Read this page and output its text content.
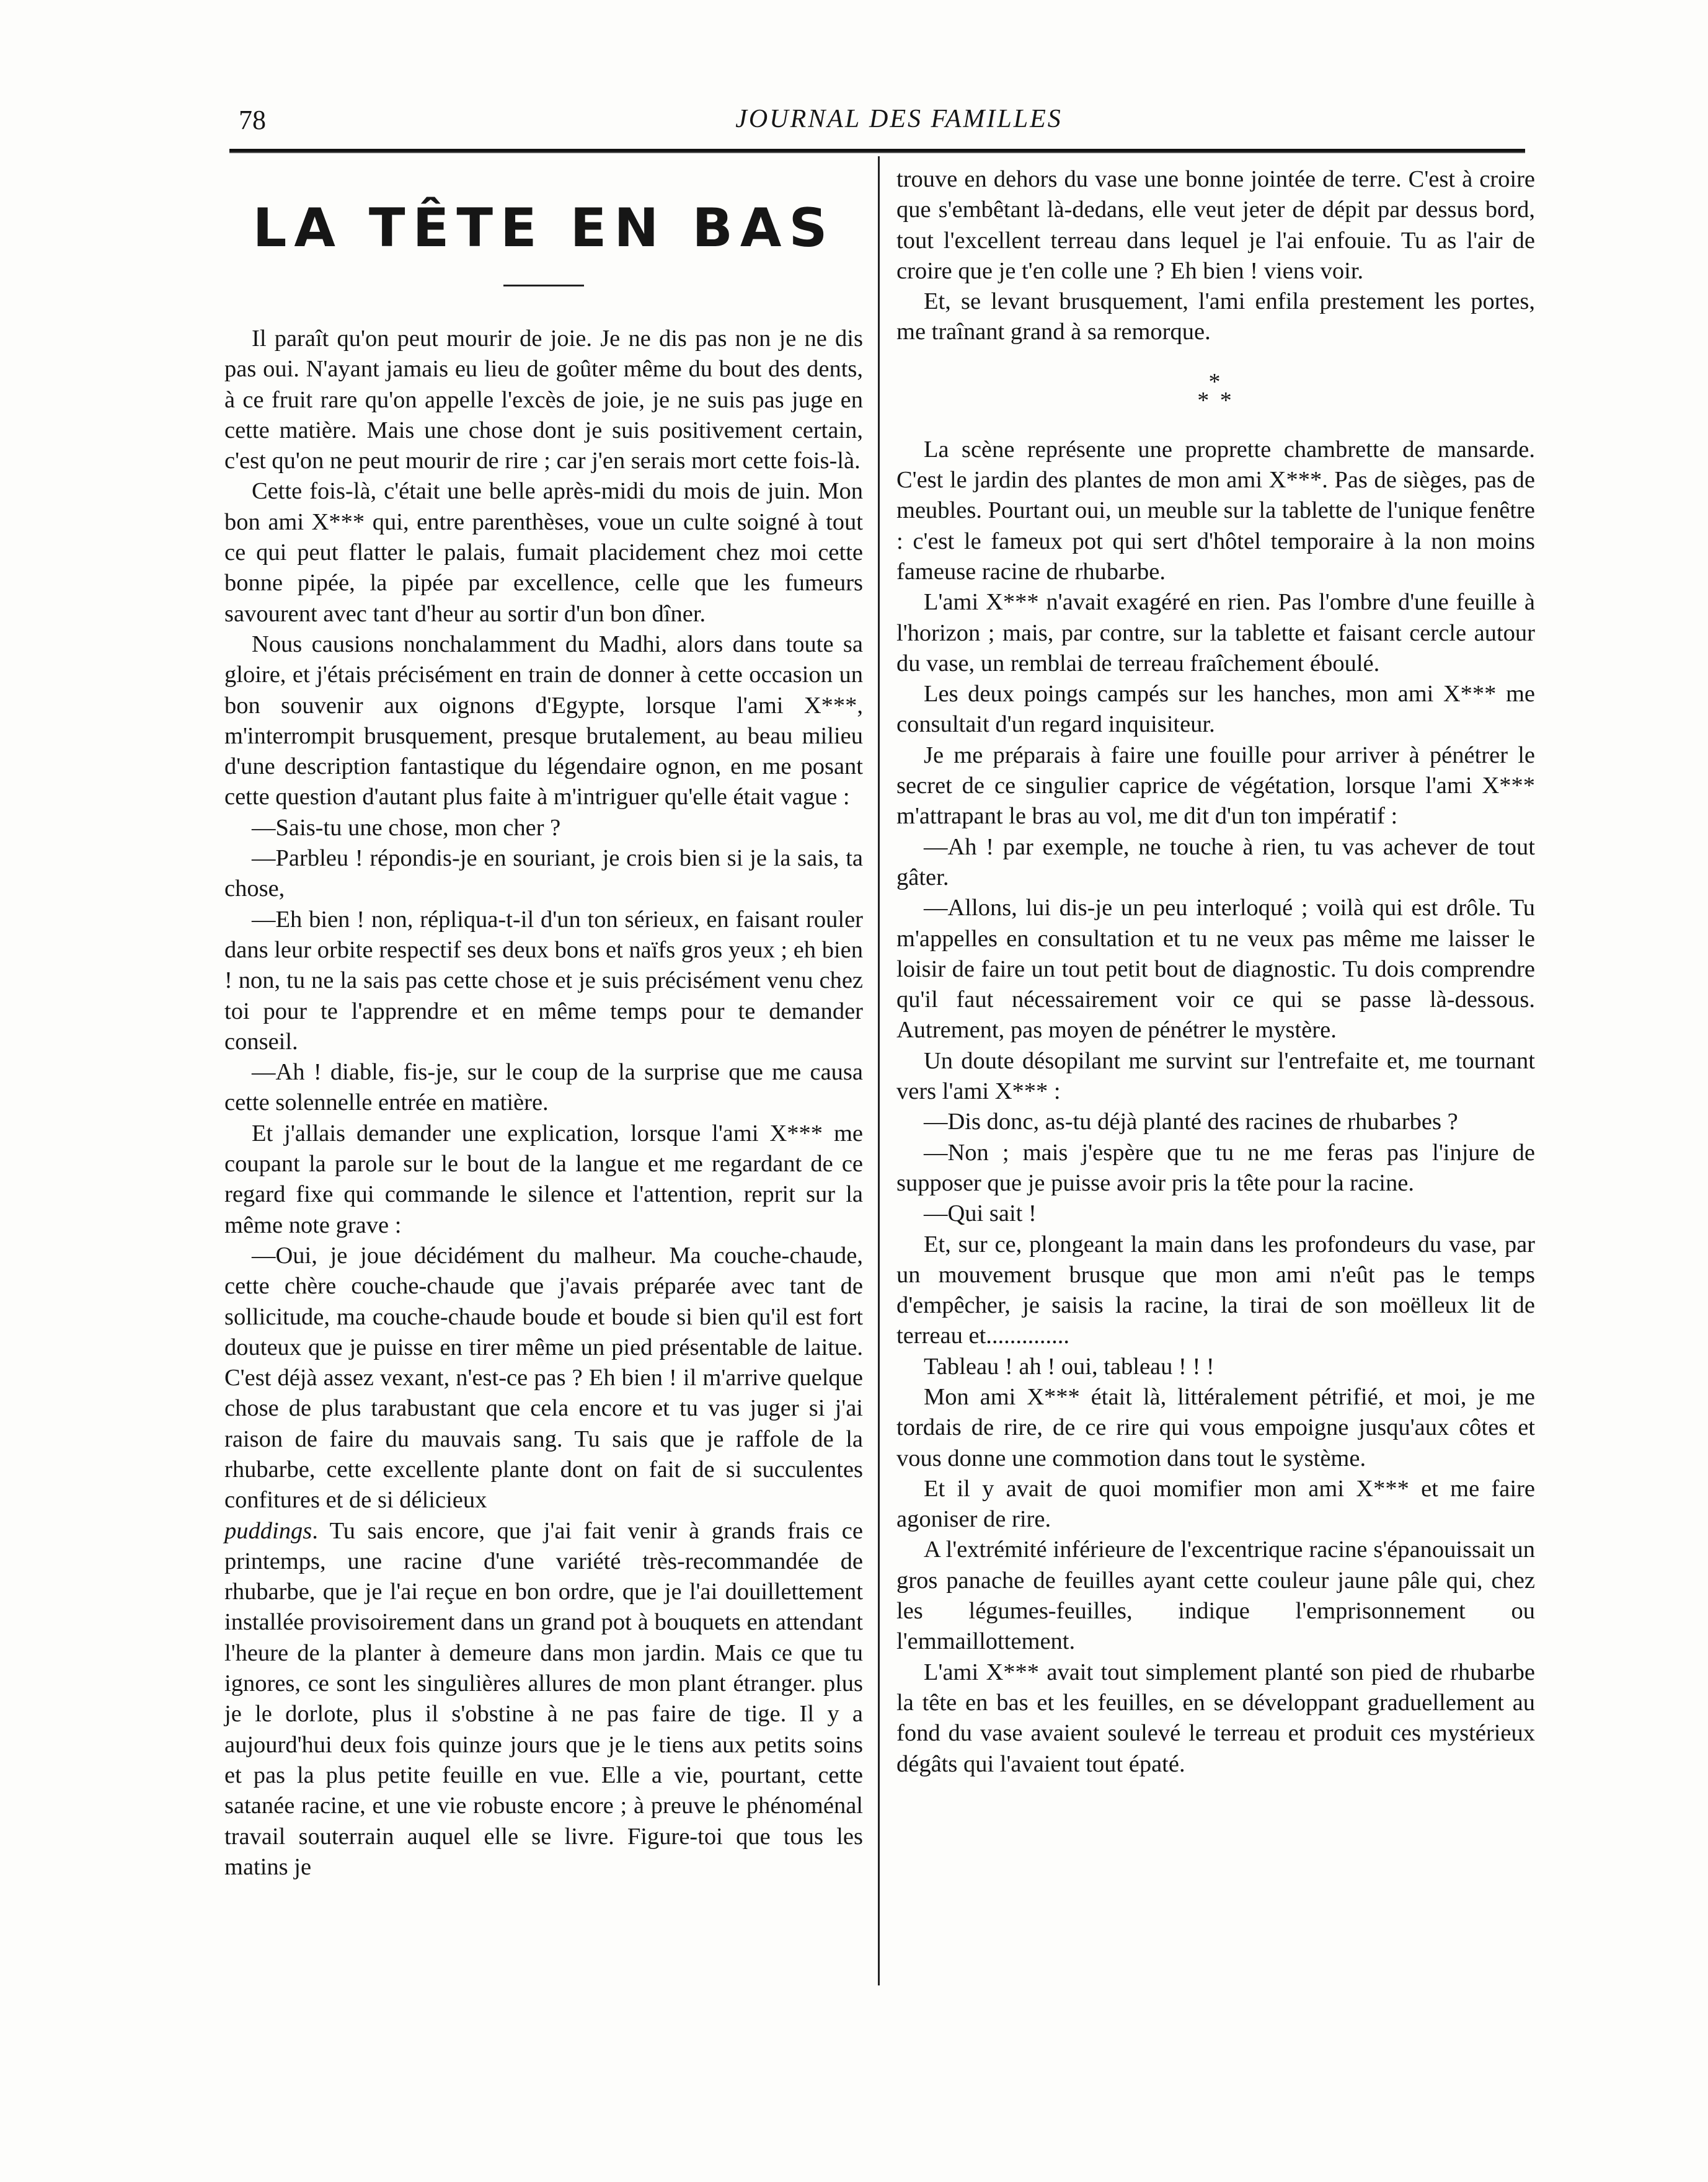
78	JOURNAL DES FAMILLES
LA TÊTE EN BAS

Il paraît qu'on peut mourir de joie. Je ne dis pas non je ne dis pas oui. N'ayant jamais eu lieu de goûter même du bout des dents, à ce fruit rare qu'on appelle l'excès de joie, je ne suis pas juge en cette matière. Mais une chose dont je suis positivement certain, c'est qu'on ne peut mourir de rire ; car j'en serais mort cette fois-là.

Cette fois-là, c'était une belle après-midi du mois de juin. Mon bon ami X*** qui, entre parenthèses, voue un culte soigné à tout ce qui peut flatter le palais, fumait placidement chez moi cette bonne pipée, la pipée par excellence, celle que les fumeurs savourent avec tant d'heur au sortir d'un bon dîner.

Nous causions nonchalamment du Madhi, alors dans toute sa gloire, et j'étais précisément en train de donner à cette occasion un bon souvenir aux oignons d'Egypte, lorsque l'ami X***, m'interrompit brusquement, presque brutalement, au beau milieu d'une description fantastique du légendaire ognon, en me posant cette question d'autant plus faite à m'intriguer qu'elle était vague :

—Sais-tu une chose, mon cher ?

—Parbleu ! répondis-je en souriant, je crois bien si je la sais, ta chose,

—Eh bien ! non, répliqua-t-il d'un ton sérieux, en faisant rouler dans leur orbite respectif ses deux bons et naïfs gros yeux ; eh bien ! non, tu ne la sais pas cette chose et je suis précisément venu chez toi pour te l'apprendre et en même temps pour te demander conseil.

—Ah ! diable, fis-je, sur le coup de la surprise que me causa cette solennelle entrée en matière.

Et j'allais demander une explication, lorsque l'ami X*** me coupant la parole sur le bout de la langue et me regardant de ce regard fixe qui commande le silence et l'attention, reprit sur la même note grave :

—Oui, je joue décidément du malheur. Ma couche-chaude, cette chère couche-chaude que j'avais préparée avec tant de sollicitude, ma couche-chaude boude et boude si bien qu'il est fort douteux que je puisse en tirer même un pied présentable de laitue. C'est déjà assez vexant, n'est-ce pas ? Eh bien ! il m'arrive quelque chose de plus tarabustant que cela encore et tu vas juger si j'ai raison de faire du mauvais sang. Tu sais que je raffole de la rhubarbe, cette excellente plante dont on fait de si succulentes confitures et de si délicieux

puddings. Tu sais encore, que j'ai fait venir à grands frais ce printemps, une racine d'une variété très-recommandée de rhubarbe, que je l'ai reçue en bon ordre, que je l'ai douillettement installée provisoirement dans un grand pot à bouquets en attendant l'heure de la planter à demeure dans mon jardin. Mais ce que tu ignores, ce sont les singulières allures de mon plant étranger. plus je le dorlote, plus il s'obstine à ne pas faire de tige. Il y a aujourd'hui deux fois quinze jours que je le tiens aux petits soins et pas la plus petite feuille en vue. Elle a vie, pourtant, cette satanée racine, et une vie robuste encore ; à preuve le phénoménal travail souterrain auquel elle se livre. Figure-toi que tous les matins je

trouve en dehors du vase une bonne jointée de terre. C'est à croire que s'embêtant là-dedans, elle veut jeter de dépit par dessus bord, tout l'excellent terreau dans lequel je l'ai enfouie. Tu as l'air de croire que je t'en colle une ? Eh bien ! viens voir.

Et, se levant brusquement, l'ami enfila prestement les portes, me traînant grand à sa remorque.

*
* *

La scène représente une proprette chambrette de mansarde. C'est le jardin des plantes de mon ami X***. Pas de sièges, pas de meubles. Pourtant oui, un meuble sur la tablette de l'unique fenêtre : c'est le fameux pot qui sert d'hôtel temporaire à la non moins fameuse racine de rhubarbe.

L'ami X*** n'avait exagéré en rien. Pas l'ombre d'une feuille à l'horizon ; mais, par contre, sur la tablette et faisant cercle autour du vase, un remblai de terreau fraîchement éboulé.

Les deux poings campés sur les hanches, mon ami X*** me consultait d'un regard inquisiteur.

Je me préparais à faire une fouille pour arriver à pénétrer le secret de ce singulier caprice de végétation, lorsque l'ami X*** m'attrapant le bras au vol, me dit d'un ton impératif :

—Ah ! par exemple, ne touche à rien, tu vas achever de tout gâter.

—Allons, lui dis-je un peu interloqué ; voilà qui est drôle. Tu m'appelles en consultation et tu ne veux pas même me laisser le loisir de faire un tout petit bout de diagnostic. Tu dois comprendre qu'il faut nécessairement voir ce qui se passe là-dessous. Autrement, pas moyen de pénétrer le mystère.

Un doute désopilant me survint sur l'entrefaite et, me tournant vers l'ami X*** :

—Dis donc, as-tu déjà planté des racines de rhubarbes ?

—Non ; mais j'espère que tu ne me feras pas l'injure de supposer que je puisse avoir pris la tête pour la racine.

—Qui sait !

Et, sur ce, plongeant la main dans les profondeurs du vase, par un mouvement brusque que mon ami n'eût pas le temps d'empêcher, je saisis la racine, la tirai de son moëlleux lit de terreau et..............

Tableau ! ah ! oui, tableau ! ! !

Mon ami X*** était là, littéralement pétrifié, et moi, je me tordais de rire, de ce rire qui vous empoigne jusqu'aux côtes et vous donne une commotion dans tout le système.

Et il y avait de quoi momifier mon ami X*** et me faire agoniser de rire.

A l'extrémité inférieure de l'excentrique racine s'épanouissait un gros panache de feuilles ayant cette couleur jaune pâle qui, chez les légumes-feuilles, indique l'emprisonnement ou l'emmaillottement.

L'ami X*** avait tout simplement planté son pied de rhubarbe la tête en bas et les feuilles, en se développant graduellement au fond du vase avaient soulevé le terreau et produit ces mystérieux dégâts qui l'avaient tout épaté.
